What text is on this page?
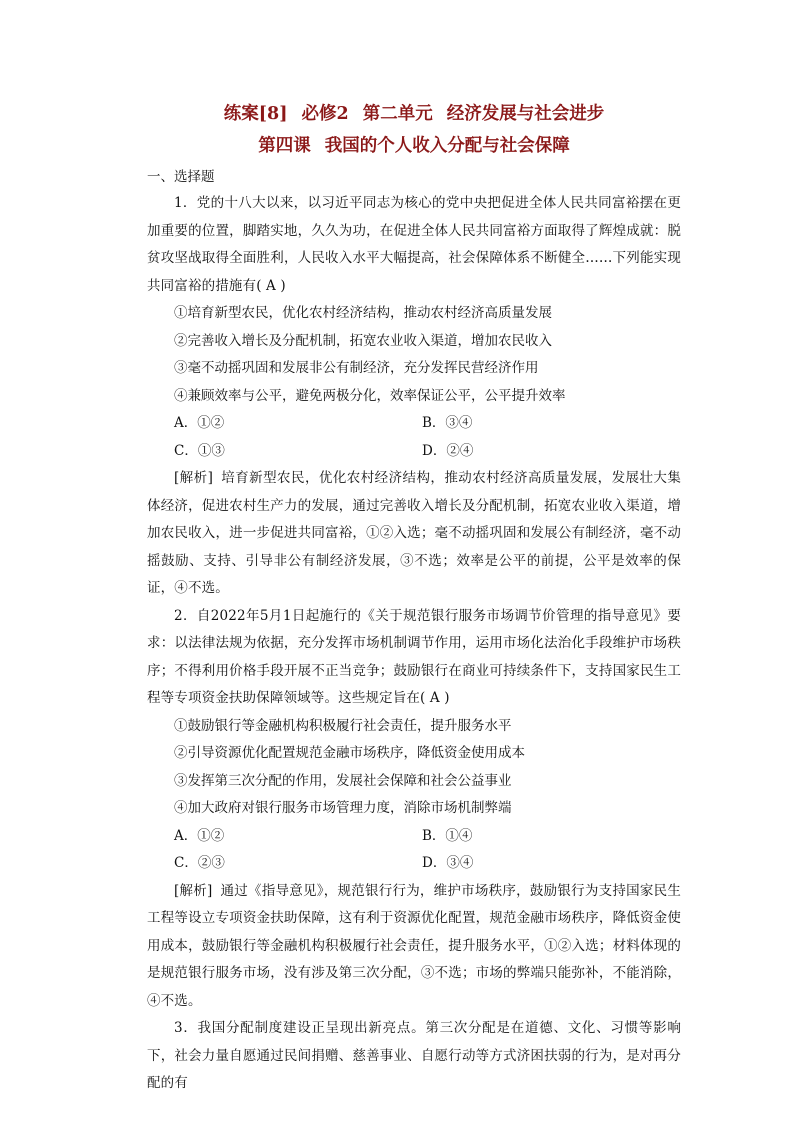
练案[8] 必修2 第二单元 经济发展与社会进步
第四课 我国的个人收入分配与社会保障
一、选择题

1．党的十八大以来，以习近平同志为核心的党中央把促进全体人民共同富裕摆在更加重要的位置，脚踏实地，久久为功，在促进全体人民共同富裕方面取得了辉煌成就：脱贫攻坚战取得全面胜利，人民收入水平大幅提高，社会保障体系不断健全……下列能实现共同富裕的措施有( A )

①培育新型农民，优化农村经济结构，推动农村经济高质量发展

②完善收入增长及分配机制，拓宽农业收入渠道，增加农民收入

③毫不动摇巩固和发展非公有制经济，充分发挥民营经济作用

④兼顾效率与公平，避免两极分化，效率保证公平，公平提升效率

A．①②	B．③④
C．①③	D．②④

[解析] 培育新型农民，优化农村经济结构，推动农村经济高质量发展，发展壮大集体经济，促进农村生产力的发展，通过完善收入增长及分配机制，拓宽农业收入渠道，增加农民收入，进一步促进共同富裕，①②入选；毫不动摇巩固和发展公有制经济，毫不动摇鼓励、支持、引导非公有制经济发展，③不选；效率是公平的前提，公平是效率的保证，④不选。

2．自2022年5月1日起施行的《关于规范银行服务市场调节价管理的指导意见》要求：以法律法规为依据，充分发挥市场机制调节作用，运用市场化法治化手段维护市场秩序；不得利用价格手段开展不正当竞争；鼓励银行在商业可持续条件下，支持国家民生工程等专项资金扶助保障领域等。这些规定旨在( A )

①鼓励银行等金融机构积极履行社会责任，提升服务水平

②引导资源优化配置规范金融市场秩序，降低资金使用成本

③发挥第三次分配的作用，发展社会保障和社会公益事业

④加大政府对银行服务市场管理力度，消除市场机制弊端

A．①②	B．①④
C．②③	D．③④

[解析] 通过《指导意见》，规范银行行为，维护市场秩序，鼓励银行为支持国家民生工程等设立专项资金扶助保障，这有利于资源优化配置，规范金融市场秩序，降低资金使用成本，鼓励银行等金融机构积极履行社会责任，提升服务水平，①②入选；材料体现的是规范银行服务市场，没有涉及第三次分配，③不选；市场的弊端只能弥补，不能消除，④不选。

3．我国分配制度建设正呈现出新亮点。第三次分配是在道德、文化、习惯等影响下，社会力量自愿通过民间捐赠、慈善事业、自愿行动等方式济困扶弱的行为，是对再分配的有
